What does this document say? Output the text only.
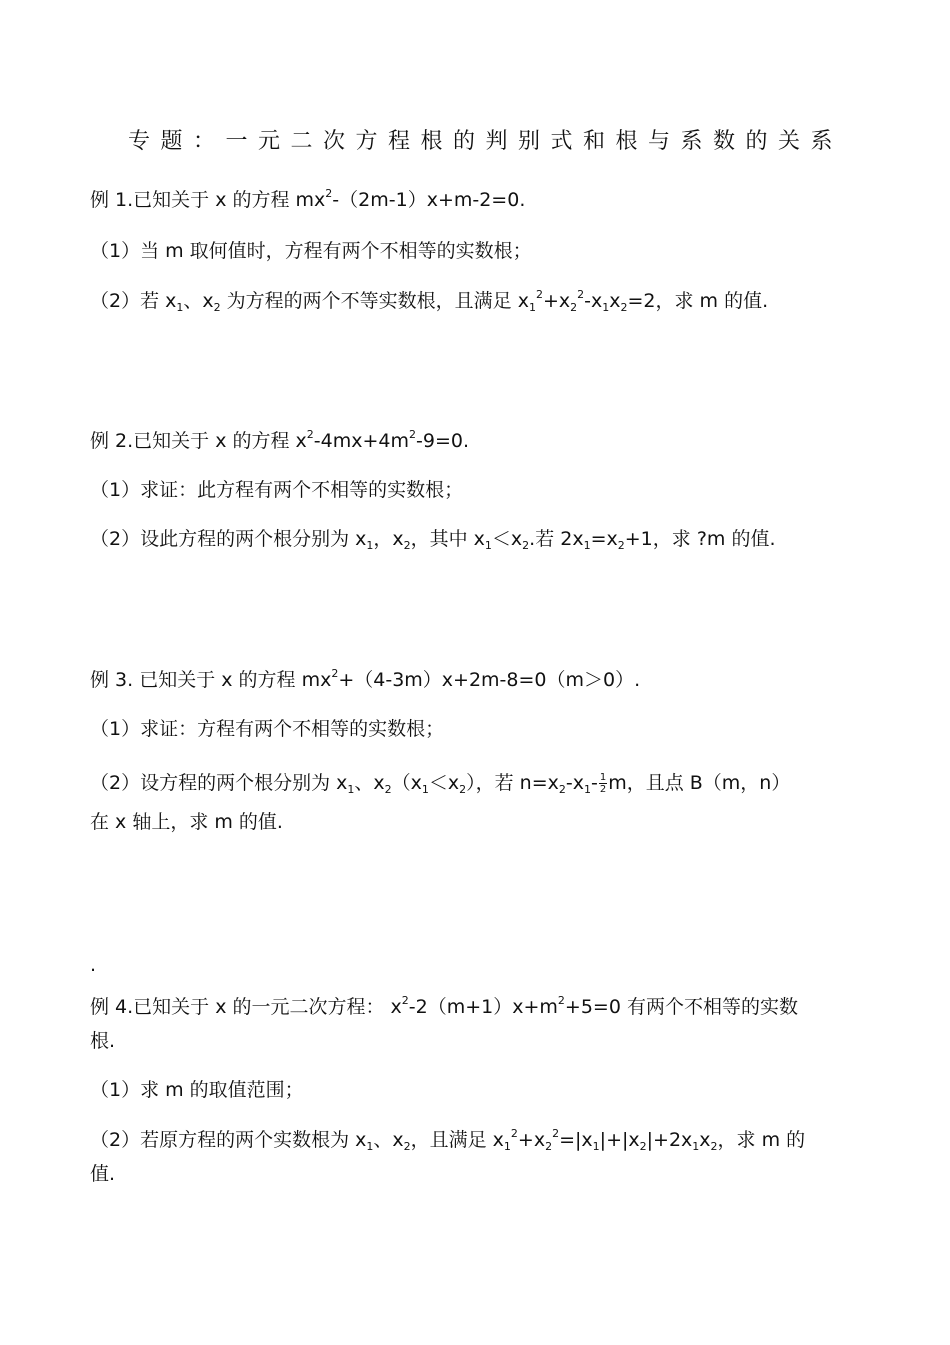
专题：一元二次方程根的判别式和根与系数的关系
例 1.已知关于 x 的方程 $mx^2-(2m-1)x+m-2=0$.
（1）当 m 取何值时，方程有两个不相等的实数根；
（2）若 $x_1$、$x_2$ 为方程的两个不等实数根，且满足 $x_1^2+x_2^2-x_1x_2=2$，求 m 的值.
例 2.已知关于 x 的方程 $x^2-4mx+4m^2-9=0$.
（1）求证：此方程有两个不相等的实数根；
（2）设此方程的两个根分别为 $x_1$，$x_2$，其中 $x_1<x_2$.若 $2x_1=x_2+1$，求 ?m 的值.
例 3. 已知关于 x 的方程 $mx^2+(4-3m)x+2m-8=0(m>0)$.
（1）求证：方程有两个不相等的实数根；
（2）设方程的两个根分别为 $x_1$、$x_2(x_1<x_2)$，若 $n=x_2-x_1- \frac{1}{2}$ m，且点 B（m，n）
在 x 轴上，求 m 的值.
.
例 4.已知关于 x 的一元二次方程： $x^2-2(m+1)x+m^2+5=0$ 有两个不相等的实数
根.
（1）求 m 的取值范围；
（2）若原方程的两个实数根为 $x_1$、$x_2$，且满足 $x_1^2+x_2^2=|x_1|+|x_2|+2x_1x_2$，求 m 的
值.
